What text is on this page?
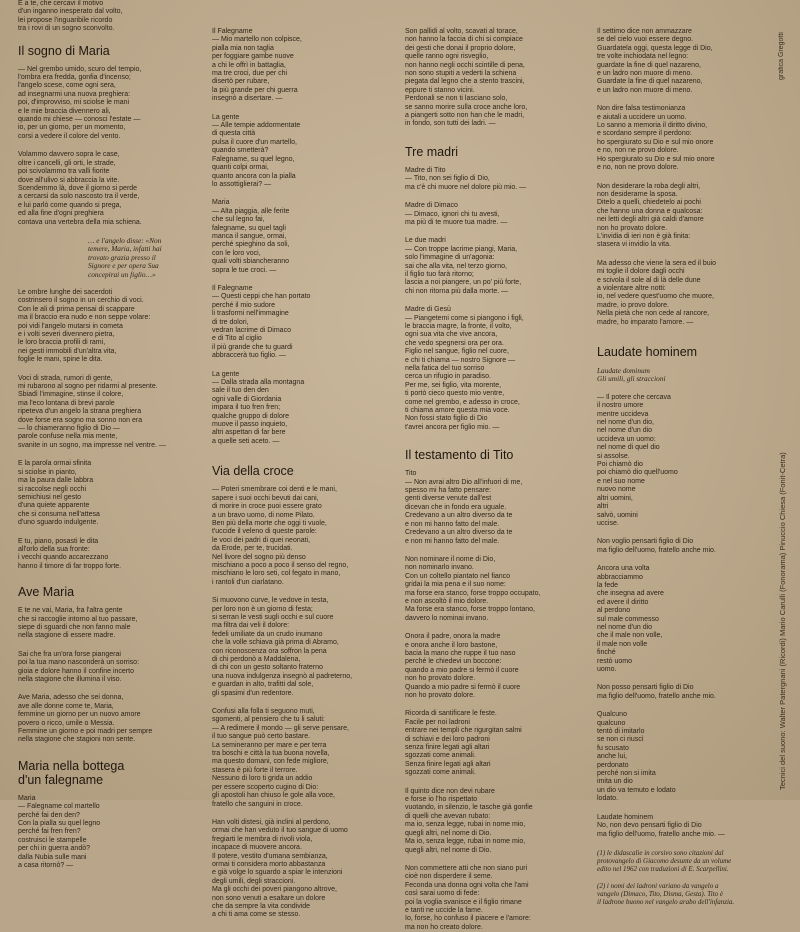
E a te, che cercavi il motivo
d'un inganno inesperato dal volto,
lei propose l'inguaribile ricordo
tra i rovi di un sogno sconvolto.

Il sogno di Maria

— Nel grembo umido, scuro del tempio,
l'ombra era fredda, gonfia d'incenso;
l'angelo scese, come ogni sera,
ad insegnarmi una nuova preghiera:
poi, d'improvviso, mi sciolse le mani
e le mie braccia divennero ali,
quando mi chiese — conosci l'estate —
io, per un giorno, per un momento,
corsi a vedere il colore del vento.

Volammo davvero sopra le case,
oltre i cancelli, gli orti, le strade,
poi scivolammo tra valli fiorite
dove all'ulivo si abbraccia la vite.
Scendemmo là, dove il giorno si perde
a cercarsi da solo nascosto tra il verde,
e lui parlò come quando si prega,
ed alla fine d'ogni preghiera
contava una vertebra della mia schiena.

… e l'angelo disse: «Non
temere, Maria, infatti hai
trovato grazia presso il
Signore e per opera Sua
concepirai un figlio…»

Le ombre lunghe dei sacerdoti
costrinsero il sogno in un cerchio di voci.
Con le ali di prima pensai di scappare
ma il braccio era nudo e non seppe volare:
poi vidi l'angelo mutarsi in cometa
e i volti severi divennero pietra,
le loro braccia profili di rami,
nei gesti immobili d'un'altra vita,
foglie le mani, spine le dita.

Voci di strada, rumori di gente,
mi rubarono al sogno per ridarmi al presente.
Sbiadì l'immagine, stinse il colore,
ma l'eco lontana di brevi parole
ripeteva d'un angelo la strana preghiera
dove forse era sogno ma sonno non era
— lo chiameranno figlio di Dio —
parole confuse nella mia mente,
svanite in un sogno, ma impresse nel ventre. —

E la parola ormai sfinita
si sciolse in pianto,
ma la paura dalle labbra
si raccolse negli occhi
semichiusi nel gesto
d'una quiete apparente
che si consuma nell'attesa
d'uno sguardo indulgente.

E tu, piano, posasti le dita
all'orlo della sua fronte:
i vecchi quando accarezzano
hanno il timore di far troppo forte.

Ave Maria

E te ne vai, Maria, fra l'altra gente
che si raccoglie intorno al tuo passare,
siepe di sguardi che non fanno male
nella stagione di essere madre.

Sai che fra un'ora forse piangerai
poi la tua mano nasconderà un sorriso:
gioia e dolore hanno il confine incerto
nella stagione che illumina il viso.

Ave Maria, adesso che sei donna,
ave alle donne come te, Maria,
femmine un giorno per un nuovo amore
povero o ricco, umile o Messia.
Femmine un giorno e poi madri per sempre
nella stagione che stagioni non sente.

Maria nella bottega
d'un falegname

Maria
— Falegname col martello
perché fai den den?
Con la pialla su quel legno
perché fai fren fren?
costruisci le stampelle
per chi in guerra andò?
dalla Nubia sulle mani
a casa ritornò? —

Il Falegname
— Mio martello non colpisce,
pialla mia non taglia
per foggiare gambe nuove
a chi le offrì in battaglia,
ma tre croci, due per chi
disertò per rubare,
la più grande per chi guerra
insegnò a disertare. —

La gente
— Alle tempie addormentate
di questa città
pulsa il cuore d'un martello,
quando smetterà?
Falegname, su quel legno,
quanti colpi ormai,
quanto ancora con la pialla
lo assottiglierai? —

Maria
— Alta piaggia, alle ferite
che sul legno fai,
falegname, su quel tagli
manca il sangue, ormai,
perché spieghino da soli,
con le loro voci,
quali volti sbiancheranno
sopra le tue croci. —

Il Falegname
— Questi ceppi che han portato
perché il mio sudore
li trasformi nell'immagine
di tre dolori,
vedran lacrime di Dimaco
e di Tito al ciglio
il più grande che tu guardi
abbraccerà tuo figlio. —

La gente
— Dalla strada alla montagna
sale il tuo den den
ogni valle di Giordania
impara il tuo fren fren;
qualche gruppo di dolore
muove il passo inquieto,
altri aspettan di far bere
a quelle seti aceto. —

Via della croce

— Poteri smembrare coi denti e le mani,
sapere i suoi occhi bevuti dai cani,
di morire in croce puoi essere grato
a un bravo uomo, di nome Pilato.
Ben più della morte che oggi ti vuole,
t'uccide il veleno di queste parole:
le voci dei padri di quei neonati,
da Erode, per te, trucidati.
Nel livore del sogno più denso
mischiano a poco a poco il senso del regno,
mischiano le loro seti, col fegato in mano,
i rantoli d'un ciarlatano.

Si muovono curve, le vedove in testa,
per loro non è un giorno di festa;
si serran le vesti sugli occhi e sul cuore
ma filtra dai veli il dolore:
fedeli umiliate da un crudo inumano
che la volle schiava già prima di Abramo,
con riconoscenza ora soffron la pena
di chi perdonò a Maddalena,
di chi con un gesto soltanto fraterno
una nuova indulgenza insegnò al padreterno,
e guardan in alto, trafitti dal sole,
gli spasimi d'un redentore.

Confusi alla folla ti seguono muti,
sgomenti, al pensiero che tu li saluti:
— A redimere il mondo — gli serve pensare,
il tuo sangue può certo bastare.
La semineranno per mare e per terra
tra boschi e città la tua buona novella,
ma questo domani, con fede migliore,
stasera è più forte il terrore.
Nessuno di loro ti grida un addio
per essere scoperto cugino di Dio:
gli apostoli han chiuso le gole alla voce,
fratello che sanguini in croce.

Han volti distesi, già inclini al perdono,
ormai che han veduto il tuo sangue di uomo
fregiarti le membra di rivoli viola,
incapace di muovere ancora.
Il potere, vestito d'umana sembianza,
ormai ti considera morto abbastanza
e già volge lo sguardo a spiar le intenzioni
degli umili, degli straccioni.
Ma gli occhi dei poveri piangono altrove,
non sono venuti a esaltare un dolore
che da sempre la vita condivide
a chi ti ama come se stesso.

Son pallidi al volto, scavati al torace,
non hanno la faccia di chi si compiace
dei gesti che donai il proprio dolore,
quelle ranno ogni risveglio,
non hanno negli occhi scintille di pena,
non sono stupiti a vederti la schiena
piegata dal legno che a stento trascini,
eppure ti stanno vicini.
Perdonali se non ti lasciano solo,
se sanno morire sulla croce anche loro,
a piangerti sotto non han che le madri,
in fondo, son tutti dei ladri. —

Tre madri

Madre di Tito
— Tito, non sei figlio di Dio,
ma c'è chi muore nel dolore più mio. —

Madre di Dimaco
— Dimaco, ignori chi tu avesti,
ma più di te muore tua madre. —

Le due madri
— Con troppe lacrime piangi, Maria,
solo l'immagine di un'agonia:
sai che alla vita, nel terzo giorno,
il figlio tuo farà ritorno;
lascia a noi piangere, un po' più forte,
chi non ritorna più dalla morte. —

Madre di Gesù
— Piangetemi come si piangono i figli,
le braccia magre, la fronte, il volto,
ogni sua vita che vive ancora,
che vedo spegnersi ora per ora.
Figlio nel sangue, figlio nel cuore,
e chi ti chiama — nostro Signore —
nella fatica del tuo sorriso
cerca un rifugio in paradiso.
Per me, sei figlio, vita morente,
ti portò cieco questo mio ventre,
come nel grembo, e adesso in croce,
ti chiama amore questa mia voce.
Non fossi stato figlio di Dio
t'avrei ancora per figlio mio. —

Il testamento di Tito

Tito
— Non avrai altro Dio all'infuori di me,
spesso mi ha fatto pensare:
genti diverse venute dall'est
dicevan che in fondo era uguale.
Credevano a un altro diverso da te
e non mi hanno fatto del male.
Credevano a un altro diverso da te
e non mi hanno fatto del male.

Non nominare il nome di Dio,
non nominarlo invano.
Con un coltello piantato nel fianco
gridai la mia pena e il suo nome:
ma forse era stanco, forse troppo occupato,
e non ascoltò il mio dolore.
Ma forse era stanco, forse troppo lontano,
davvero lo nominai invano.

Onora il padre, onora la madre
e onora anche il loro bastone,
bacia la mano che ruppe il tuo naso
perché le chiedevi un boccone:
quando a mio padre si fermò il cuore
non ho provato dolore.
Quando a mio padre si fermò il cuore
non ho provato dolore.

Ricorda di santificare le feste.
Facile per noi ladroni
entrare nei templi che rigurgitan salmi
di schiavi e dei loro padroni
senza finire legati agli altari
sgozzati come animali.
Senza finire legati agli altari
sgozzati come animali.

Il quinto dice non devi rubare
e forse io l'ho rispettato
vuotando, in silenzio, le tasche già gonfie
di quelli che avevan rubato:
ma io, senza legge, rubai in nome mio,
quegli altri, nel nome di Dio.
Ma io, senza legge, rubai in nome mio,
quegli altri, nel nome di Dio.

Non commettere atti che non siano puri
cioè non disperdere il seme.
Feconda una donna ogni volta che l'ami
così sarai uomo di fede:
poi la voglia svanisce e il figlio rimane
e tanti ne uccide la fame.
Io, forse, ho confuso il piacere e l'amore:
ma non ho creato dolore.

Il settimo dice non ammazzare
se del cielo vuoi essere degno.
Guardatela oggi, questa legge di Dio,
tre volte inchiodata nel legno:
guardate la fine di quel nazareno,
e un ladro non muore di meno.
Guardate la fine di quel nazareno,
e un ladro non muore di meno.

Non dire falsa testimonianza
e aiutali a uccidere un uomo.
Lo sanno a memoria il diritto divino,
e scordano sempre il perdono:
ho spergiurato su Dio e sul mio onore
e no, non ne provo dolore.
Ho spergiurato su Dio e sul mio onore
e no, non ne provo dolore.

Non desiderare la roba degli altri,
non desiderarne la sposa.
Ditelo a quelli, chiedetelo ai pochi
che hanno una donna e qualcosa:
nei letti degli altri già caldi d'amore
non ho provato dolore.
L'invidia di ieri non è già finita:
stasera vi invidio la vita.

Ma adesso che viene la sera ed il buio
mi toglie il dolore dagli occhi
e scivola il sole al di là delle dune
a violentare altre notti:
io, nel vedere quest'uomo che muore,
madre, io provo dolore.
Nella pietà che non cede al rancore,
madre, ho imparato l'amore. —

Laudate hominem

Laudate dominum
Gli umili, gli straccioni

— Il potere che cercava
il nostro umore
mentre uccideva
nel nome d'un dio,
nel nome d'un dio
uccideva un uomo:
nel nome di quel dio
si assolse.
Poi chiamò dio
poi chiamò dio quell'uomo
e nel suo nome
nuovo nome
altri uomini,
altri
salvò, uomini
uccise.

Non voglio pensarti figlio di Dio
ma figlio dell'uomo, fratello anche mio.

Ancora una volta
abbracciammo
la fede
che insegna ad avere
ed avere il diritto
al perdono
sul male commesso
nel nome d'un dio
che il male non volle,
il male non volle
finché
restò uomo
uomo.

Non posso pensarti figlio di Dio
ma figlio dell'uomo, fratello anche mio.

Qualcuno
qualcuno
tentò di imitarlo
se non ci riuscì
fu scusato
anche lui,
perdonato
perché non si imita
imita un dio
un dio va temuto e lodato
lodato.

Laudate hominem
No, non devo pensarti figlio di Dio
ma figlio dell'uomo, fratello anche mio. —

(1) le didascalie in corsivo sono citazioni dal
protovangelo di Giacomo desunte da un volume
edito nel 1962 con traduzioni di E. Scarpellini.

(2) i nomi dei ladroni variano da vangelo a
vangelo (Dimaco, Tito, Disma, Gesta). Tito è
il ladrone buono nel vangelo arabo dell'infanzia.

Tecnici del suono: Walter Patergnani (Ricordi) Mario Carulli (Fonorama) Pinuccio Chiesa (Fonit-Cetra)
grafica Gregotti
